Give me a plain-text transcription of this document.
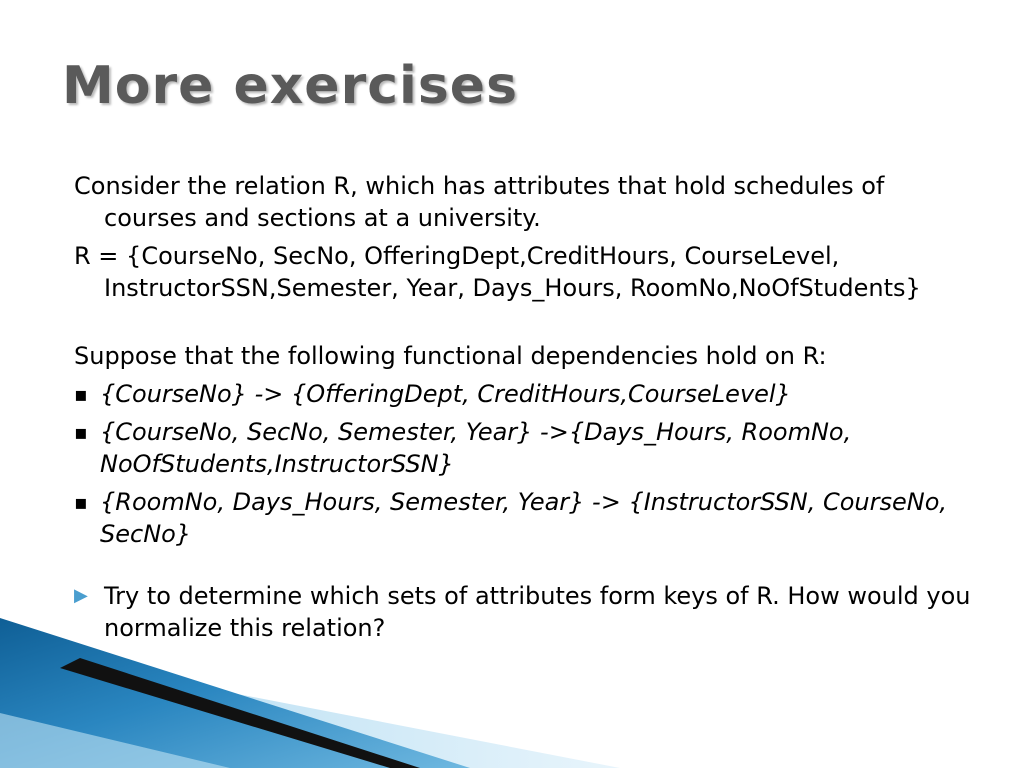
More exercises

Consider the relation R, which has attributes that hold schedules of courses and sections at a university.

R = {CourseNo, SecNo, OfferingDept,CreditHours, CourseLevel, InstructorSSN,Semester, Year, Days_Hours, RoomNo,NoOfStudents}

Suppose that the following functional dependencies hold on R:

▪ {CourseNo} -> {OfferingDept, CreditHours,CourseLevel}
▪ {CourseNo, SecNo, Semester, Year} ->{Days_Hours, RoomNo, NoOfStudents,InstructorSSN}
▪ {RoomNo, Days_Hours, Semester, Year} -> {InstructorSSN, CourseNo, SecNo}
▶ Try to determine which sets of attributes form keys of R. How would you normalize this relation?
